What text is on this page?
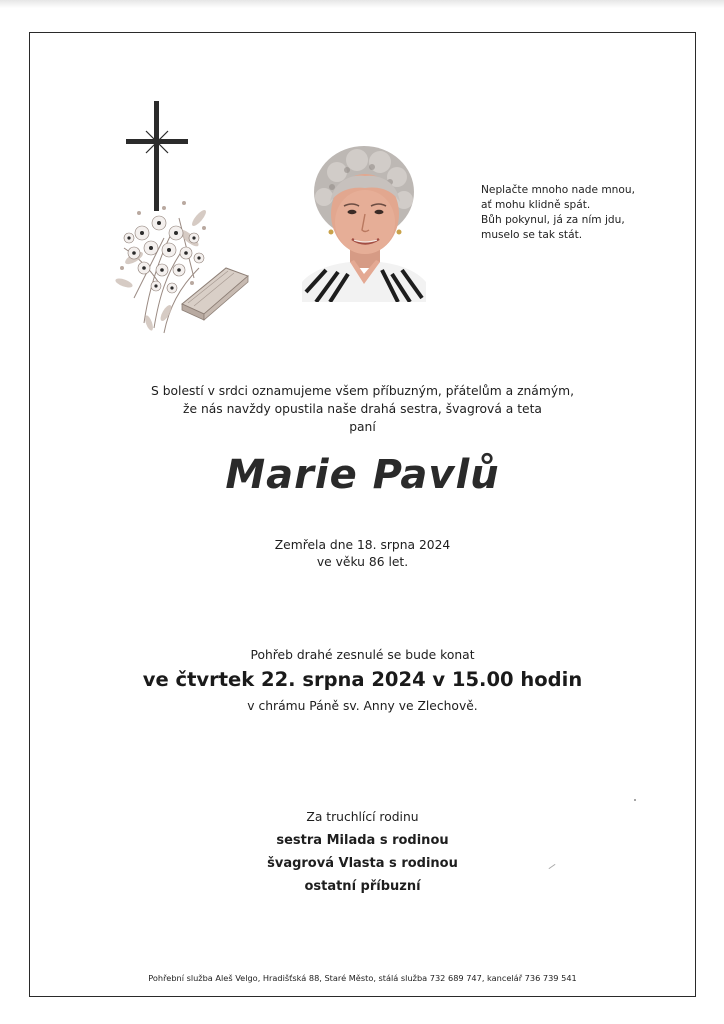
Neplačte mnoho nade mnou,
ať mohu klidně spát.
Bůh pokynul, já za ním jdu,
muselo se tak stát.
S bolestí v srdci oznamujeme všem příbuzným, přátelům a známým,
že nás navždy opustila naše drahá sestra, švagrová a teta
paní
Marie Pavlů
Zemřela dne 18. srpna 2024
ve věku 86 let.
Pohřeb drahé zesnulé se bude konat
ve čtvrtek 22. srpna 2024 v 15.00 hodin
v chrámu Páně sv. Anny ve Zlechově.
Za truchlící rodinu
sestra Milada s rodinou
švagrová Vlasta s rodinou
ostatní příbuzní
Pohřební služba Aleš Velgo, Hradišťská 88, Staré Město, stálá služba 732 689 747, kancelář 736 739 541
